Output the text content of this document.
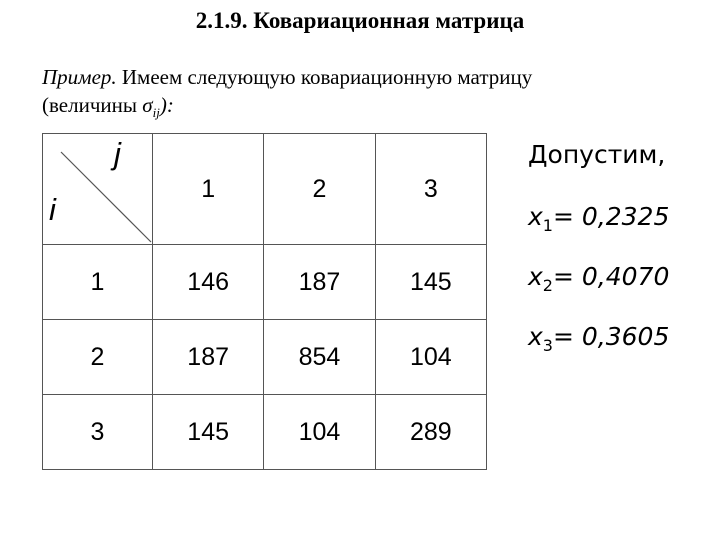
2.1.9. Ковариационная матрица
Пример. Имеем следующую ковариационную матрицу
(величины $\sigma_{ij}$):
j
i	1	2	3
1	146	187	145
2	187	854	104
3	145	104	289
Допустим,
$x_1= 0,2325$
$x_2= 0,4070$
$x_3= 0,3605$
